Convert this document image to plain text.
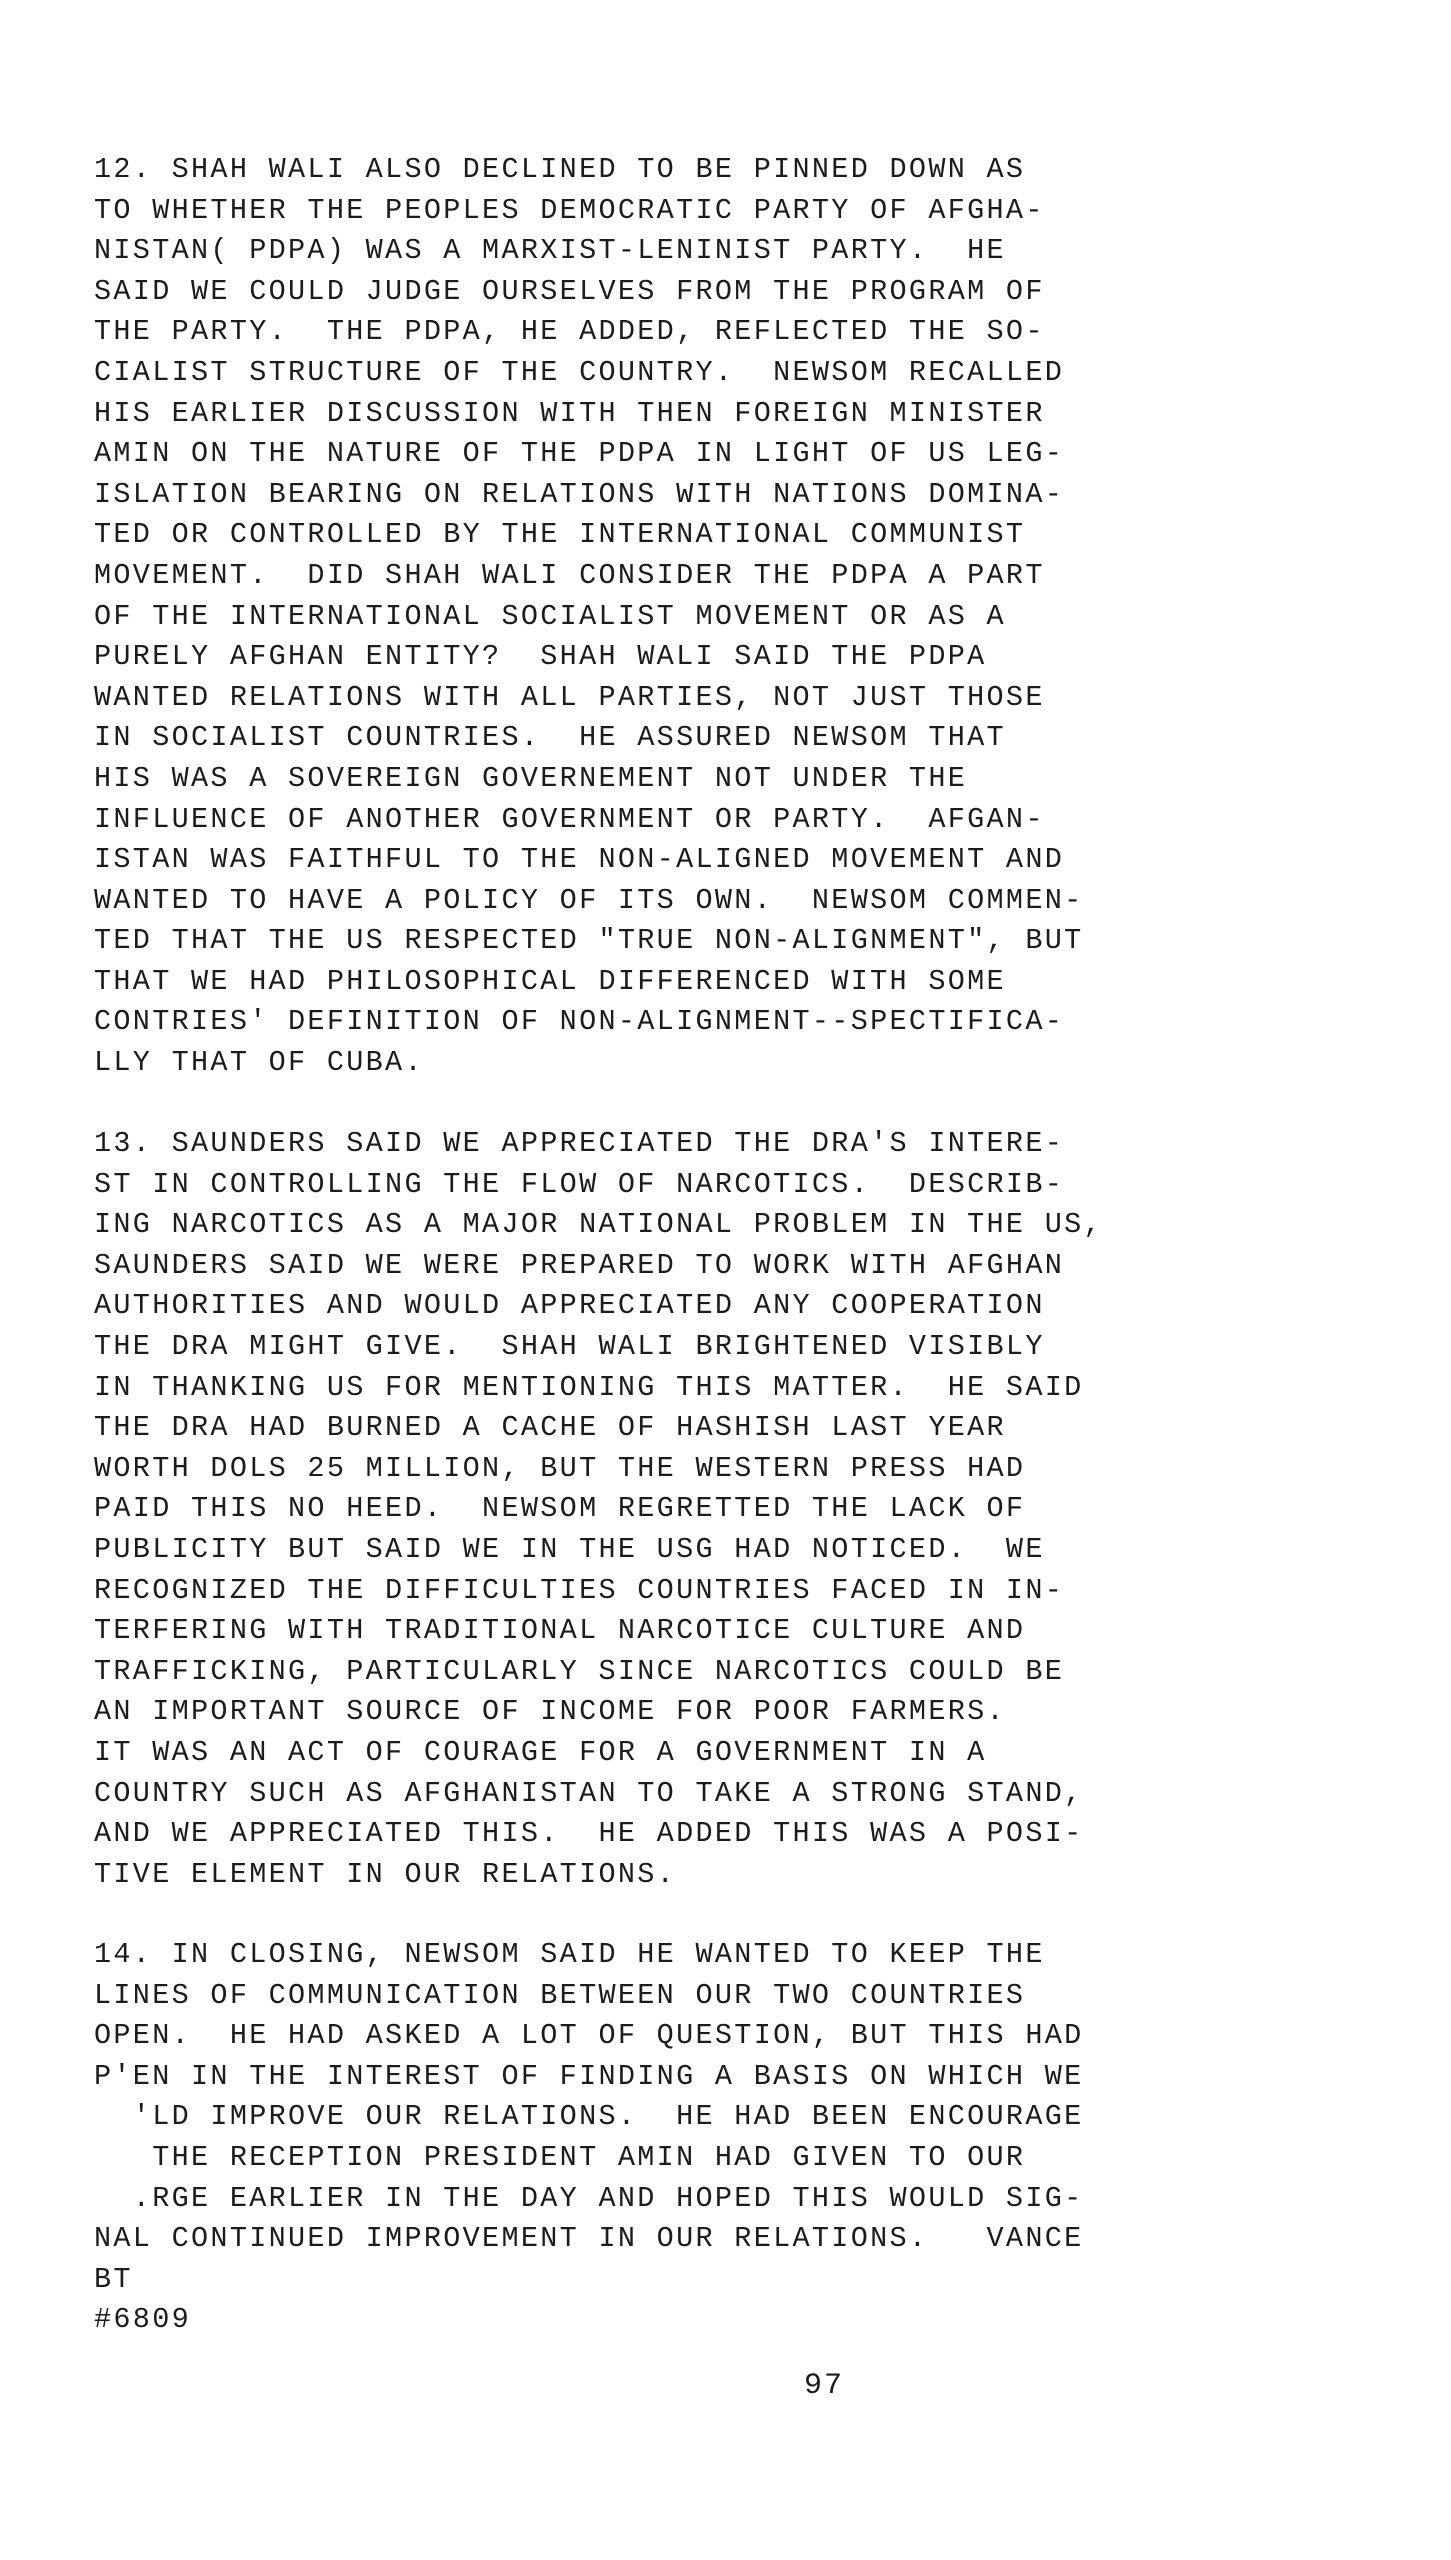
12. SHAH WALI ALSO DECLINED TO BE PINNED DOWN AS
TO WHETHER THE PEOPLES DEMOCRATIC PARTY OF AFGHA-
NISTAN( PDPA) WAS A MARXIST-LENINIST PARTY.  HE
SAID WE COULD JUDGE OURSELVES FROM THE PROGRAM OF
THE PARTY.  THE PDPA, HE ADDED, REFLECTED THE SO-
CIALIST STRUCTURE OF THE COUNTRY.  NEWSOM RECALLED
HIS EARLIER DISCUSSION WITH THEN FOREIGN MINISTER
AMIN ON THE NATURE OF THE PDPA IN LIGHT OF US LEG-
ISLATION BEARING ON RELATIONS WITH NATIONS DOMINA-
TED OR CONTROLLED BY THE INTERNATIONAL COMMUNIST
MOVEMENT.  DID SHAH WALI CONSIDER THE PDPA A PART
OF THE INTERNATIONAL SOCIALIST MOVEMENT OR AS A
PURELY AFGHAN ENTITY?  SHAH WALI SAID THE PDPA
WANTED RELATIONS WITH ALL PARTIES, NOT JUST THOSE
IN SOCIALIST COUNTRIES.  HE ASSURED NEWSOM THAT
HIS WAS A SOVEREIGN GOVERNEMENT NOT UNDER THE
INFLUENCE OF ANOTHER GOVERNMENT OR PARTY.  AFGAN-
ISTAN WAS FAITHFUL TO THE NON-ALIGNED MOVEMENT AND
WANTED TO HAVE A POLICY OF ITS OWN.  NEWSOM COMMEN-
TED THAT THE US RESPECTED "TRUE NON-ALIGNMENT", BUT
THAT WE HAD PHILOSOPHICAL DIFFERENCED WITH SOME
CONTRIES' DEFINITION OF NON-ALIGNMENT--SPECTIFICA-
LLY THAT OF CUBA.
13. SAUNDERS SAID WE APPRECIATED THE DRA'S INTERE-
ST IN CONTROLLING THE FLOW OF NARCOTICS.  DESCRIB-
ING NARCOTICS AS A MAJOR NATIONAL PROBLEM IN THE US,
SAUNDERS SAID WE WERE PREPARED TO WORK WITH AFGHAN
AUTHORITIES AND WOULD APPRECIATED ANY COOPERATION
THE DRA MIGHT GIVE.  SHAH WALI BRIGHTENED VISIBLY
IN THANKING US FOR MENTIONING THIS MATTER.  HE SAID
THE DRA HAD BURNED A CACHE OF HASHISH LAST YEAR
WORTH DOLS 25 MILLION, BUT THE WESTERN PRESS HAD
PAID THIS NO HEED.  NEWSOM REGRETTED THE LACK OF
PUBLICITY BUT SAID WE IN THE USG HAD NOTICED.  WE
RECOGNIZED THE DIFFICULTIES COUNTRIES FACED IN IN-
TERFERING WITH TRADITIONAL NARCOTICE CULTURE AND
TRAFFICKING, PARTICULARLY SINCE NARCOTICS COULD BE
AN IMPORTANT SOURCE OF INCOME FOR POOR FARMERS.
IT WAS AN ACT OF COURAGE FOR A GOVERNMENT IN A
COUNTRY SUCH AS AFGHANISTAN TO TAKE A STRONG STAND,
AND WE APPRECIATED THIS.  HE ADDED THIS WAS A POSI-
TIVE ELEMENT IN OUR RELATIONS.
14. IN CLOSING, NEWSOM SAID HE WANTED TO KEEP THE
LINES OF COMMUNICATION BETWEEN OUR TWO COUNTRIES
OPEN.  HE HAD ASKED A LOT OF QUESTION, BUT THIS HAD
P'EN IN THE INTEREST OF FINDING A BASIS ON WHICH WE
'LD IMPROVE OUR RELATIONS.  HE HAD BEEN ENCOURAGE
THE RECEPTION PRESIDENT AMIN HAD GIVEN TO OUR
.RGE EARLIER IN THE DAY AND HOPED THIS WOULD SIG-
NAL CONTINUED IMPROVEMENT IN OUR RELATIONS.   VANCE
BT
#6809
97
